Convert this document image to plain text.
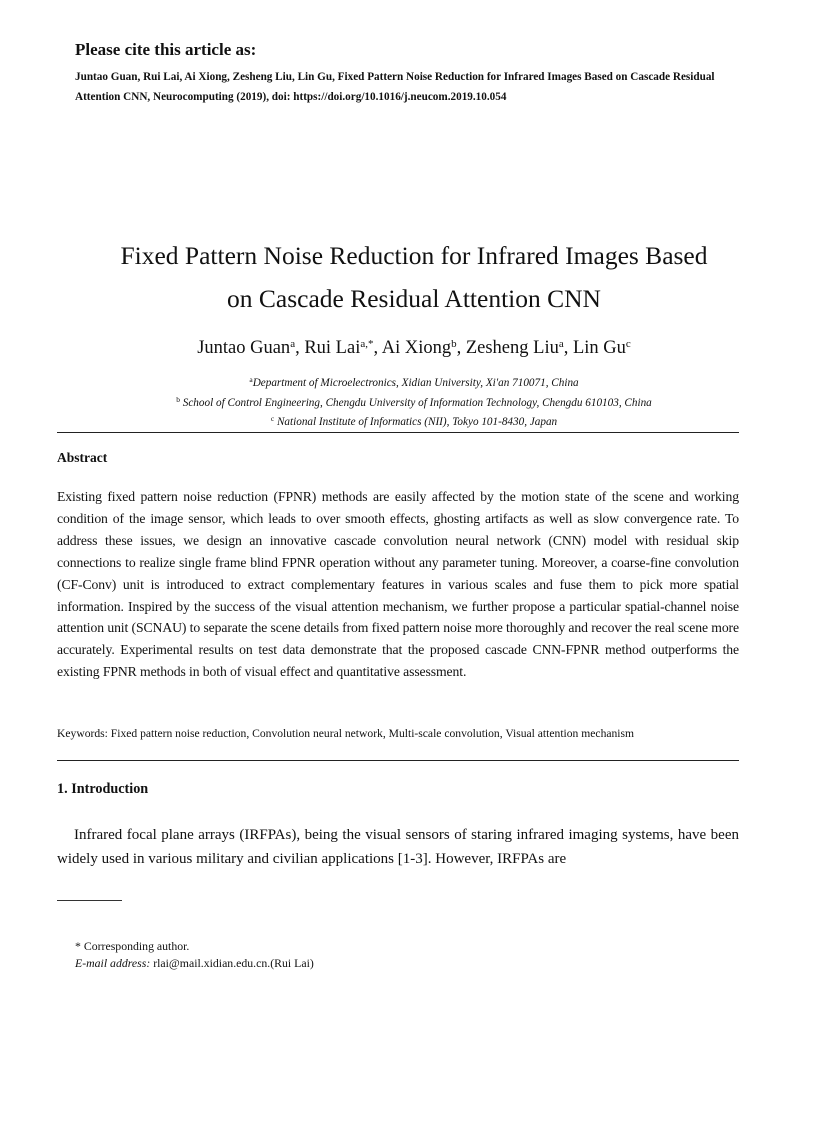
Please cite this article as:
Juntao Guan, Rui Lai, Ai Xiong, Zesheng Liu, Lin Gu, Fixed Pattern Noise Reduction for Infrared Images Based on Cascade Residual Attention CNN, Neurocomputing (2019), doi: https://doi.org/10.1016/j.neucom.2019.10.054
Fixed Pattern Noise Reduction for Infrared Images Based
on Cascade Residual Attention CNN
Juntao Guan$^a$, Rui Lai$^{a,*}$, Ai Xiong$^b$, Zesheng Liu$^a$, Lin Gu$^c$
$^a$Department of Microelectronics, Xidian University, Xi'an 710071, China
$^b$ School of Control Engineering, Chengdu University of Information Technology, Chengdu 610103, China
$^c$ National Institute of Informatics (NII), Tokyo 101-8430, Japan
Abstract
Existing fixed pattern noise reduction (FPNR) methods are easily affected by the motion state of the scene and working condition of the image sensor, which leads to over smooth effects, ghosting artifacts as well as slow convergence rate. To address these issues, we design an innovative cascade convolution neural network (CNN) model with residual skip connections to realize single frame blind FPNR operation without any parameter tuning. Moreover, a coarse-fine convolution (CF-Conv) unit is introduced to extract complementary features in various scales and fuse them to pick more spatial information. Inspired by the success of the visual attention mechanism, we further propose a particular spatial-channel noise attention unit (SCNAU) to separate the scene details from fixed pattern noise more thoroughly and recover the real scene more accurately. Experimental results on test data demonstrate that the proposed cascade CNN-FPNR method outperforms the existing FPNR methods in both of visual effect and quantitative assessment.
Keywords: Fixed pattern noise reduction, Convolution neural network, Multi-scale convolution, Visual attention mechanism
1. Introduction
Infrared focal plane arrays (IRFPAs), being the visual sensors of staring infrared imaging systems, have been widely used in various military and civilian applications [1-3]. However, IRFPAs are
* Corresponding author.
E-mail address: rlai@mail.xidian.edu.cn.(Rui Lai)
